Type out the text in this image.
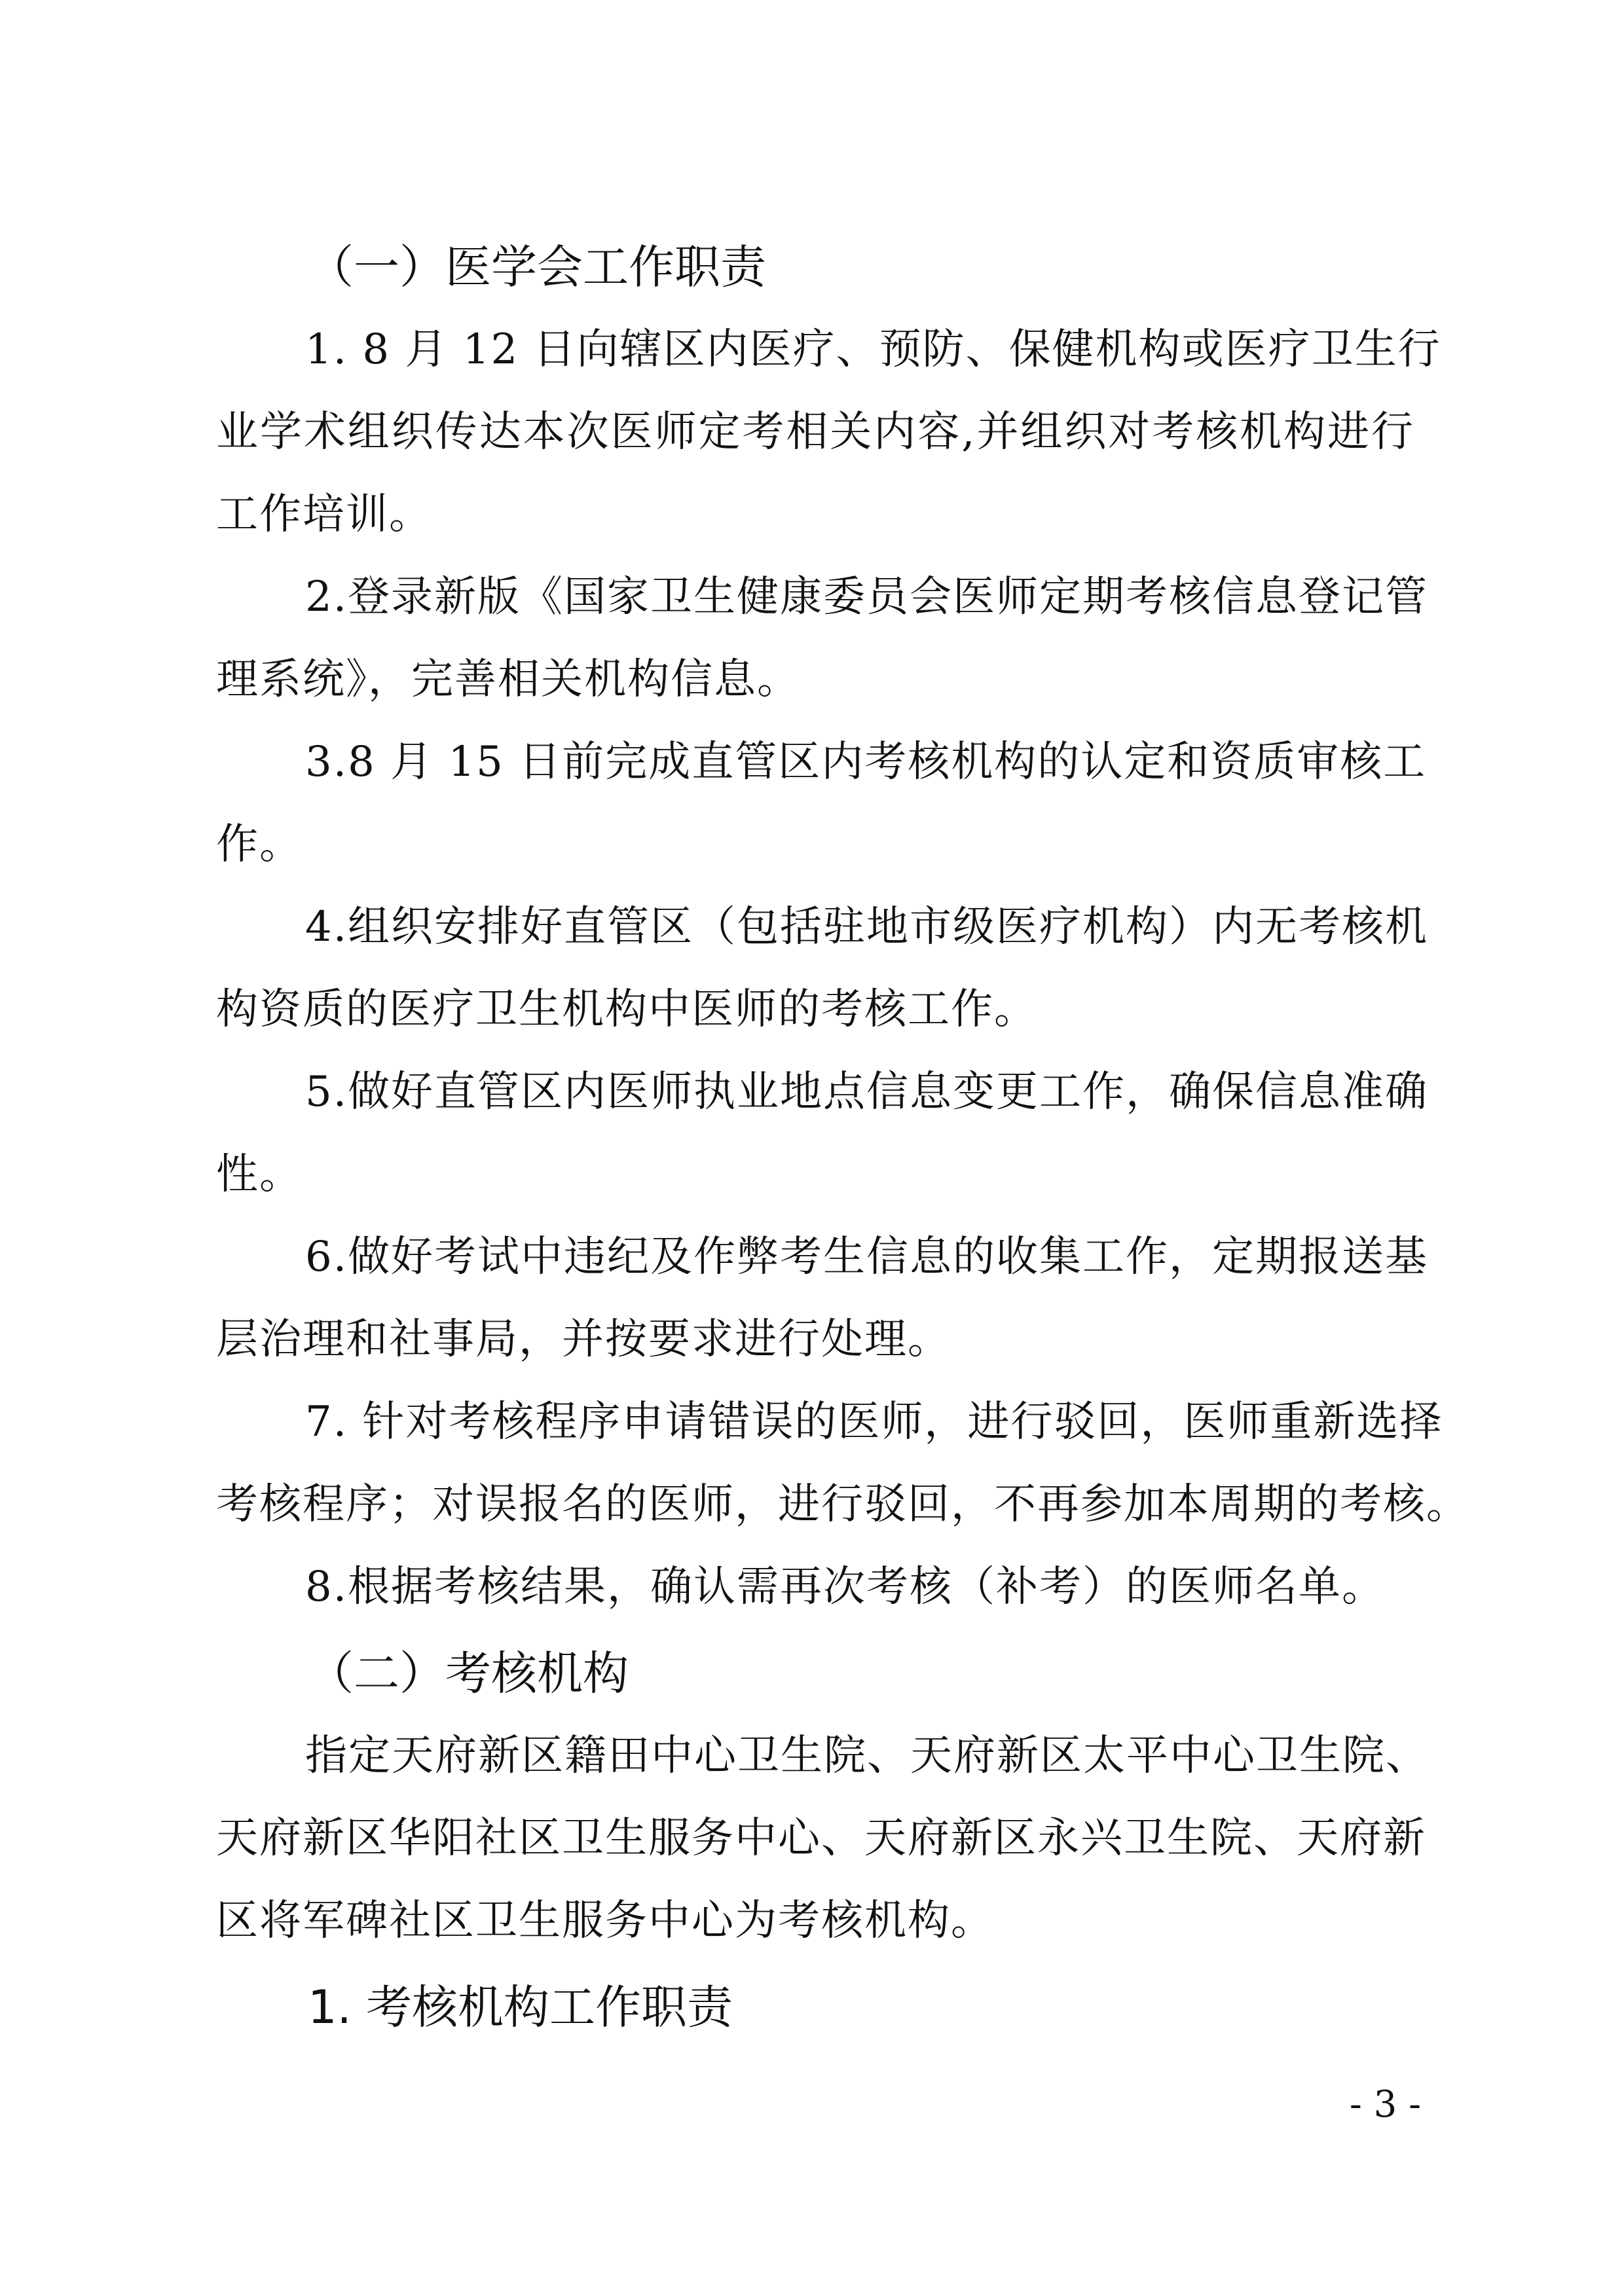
（一）医学会工作职责

1. 8 月 12 日向辖区内医疗、预防、保健机构或医疗卫生行
业学术组织传达本次医师定考相关内容,并组织对考核机构进行
工作培训。

2.登录新版《国家卫生健康委员会医师定期考核信息登记管
理系统》，完善相关机构信息。

3.8 月 15 日前完成直管区内考核机构的认定和资质审核工
作。

4.组织安排好直管区（包括驻地市级医疗机构）内无考核机
构资质的医疗卫生机构中医师的考核工作。

5.做好直管区内医师执业地点信息变更工作，确保信息准确
性。

6.做好考试中违纪及作弊考生信息的收集工作，定期报送基
层治理和社事局，并按要求进行处理。

7. 针对考核程序申请错误的医师，进行驳回，医师重新选择
考核程序；对误报名的医师，进行驳回，不再参加本周期的考核。

8.根据考核结果，确认需再次考核（补考）的医师名单。

（二）考核机构

指定天府新区籍田中心卫生院、天府新区太平中心卫生院、
天府新区华阳社区卫生服务中心、天府新区永兴卫生院、天府新
区将军碑社区卫生服务中心为考核机构。

1. 考核机构工作职责
- 3 -
